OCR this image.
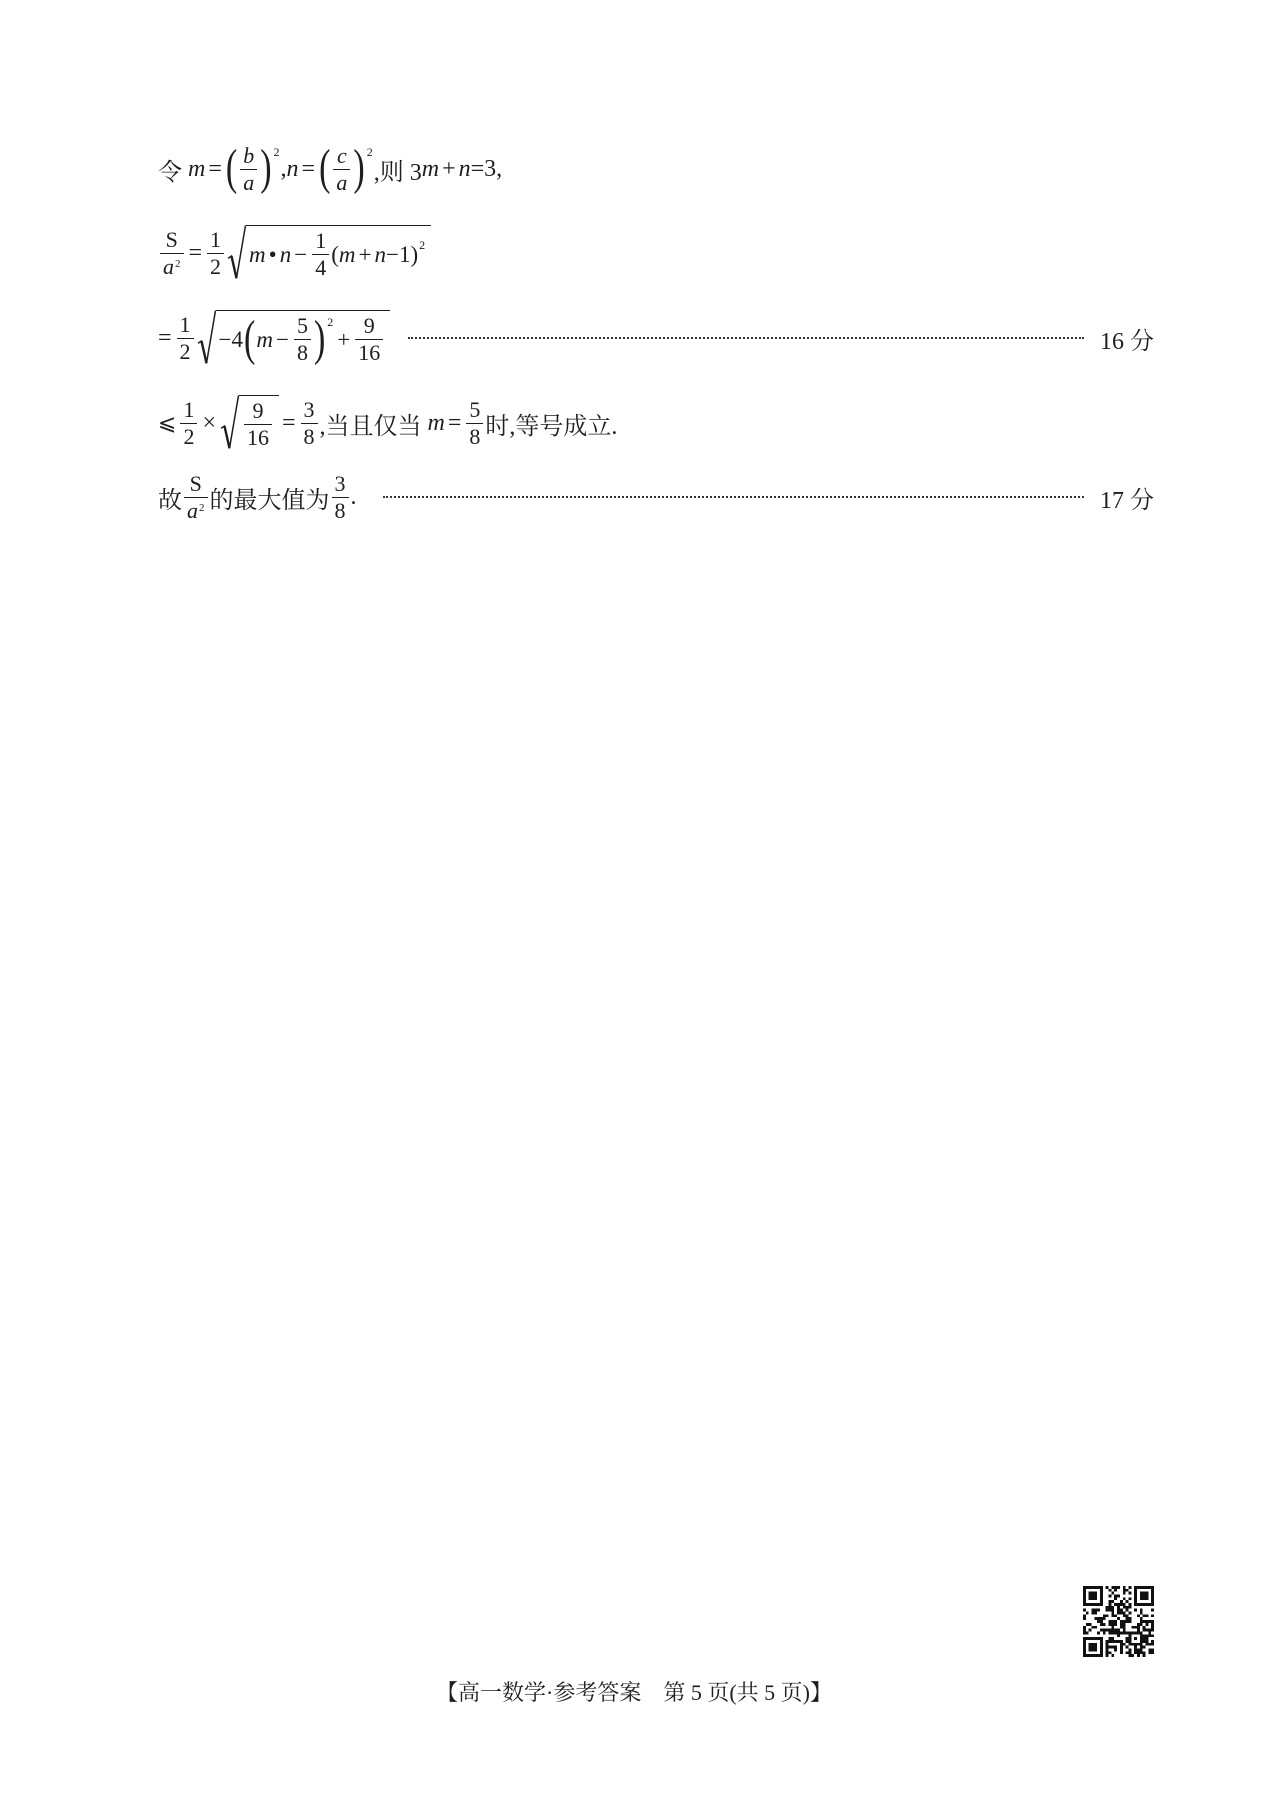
令 m = ( $\frac{b}{a}$ ) 2
, n = ( $\frac{c}{a}$ ) 2
,则 3 m + n =3,
$\frac{S}{a^2} = \frac{1}{2}$ m • $n - \frac{1}{4}$ ( m + n −1) 2
= $\frac{1}{2} -4$ ( $m - \frac{5}{8}$ ) 2
+ $\frac{9}{16}$	16 分
⩽ $\frac{1}{2} \times \frac{9}{16} = \frac{3}{8}$ ,当且仅当 $m = \frac{5}{8}$ 时,等号成立.
故 $\frac{S}{a^2}$ 的最大值为 $\frac{3}{8}$ .	17 分
【高一数学·参考答案　第 5 页(共 5 页)】
